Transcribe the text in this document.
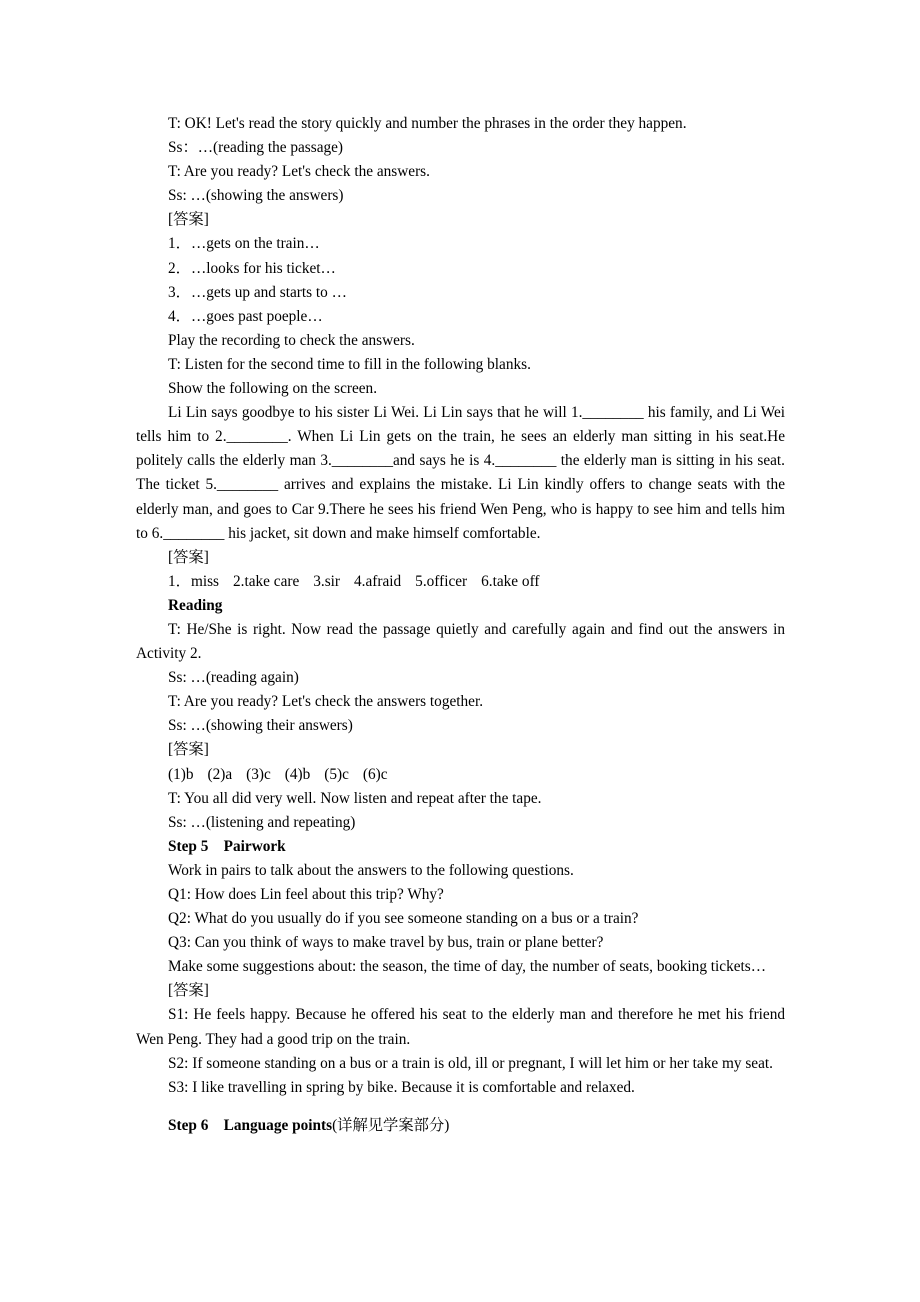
T: OK! Let's read the story quickly and number the phrases in the order they happen.

Ss：…(reading the passage)

T: Are you ready? Let's check the answers.

Ss: …(showing the answers)

[答案]

1．…gets on the train…

2．…looks for his ticket…

3．…gets up and starts to …

4．…goes past poeple…

Play the recording to check the answers.

T: Listen for the second time to fill in the following blanks.

Show the following on the screen.

Li Lin says goodbye to his sister Li Wei. Li Lin says that he will 1.________ his family, and Li Wei tells him to 2.________. When Li Lin gets on the train, he sees an elderly man sitting in his seat.He politely calls the elderly man 3.________and says he is 4.________ the elderly man is sitting in his seat. The ticket 5.________ arrives and explains the mistake. Li Lin kindly offers to change seats with the elderly man, and goes to Car 9.There he sees his friend Wen Peng, who is happy to see him and tells him to 6.________ his jacket, sit down and make himself comfortable.

[答案]

1．miss 2.take care 3.sir 4.afraid 5.officer 6.take off

Reading

T: He/She is right. Now read the passage quietly and carefully again and find out the answers in Activity 2.

Ss: …(reading again)

T: Are you ready? Let's check the answers together.

Ss: …(showing their answers)

[答案]

(1)b (2)a (3)c (4)b (5)c (6)c

T: You all did very well. Now listen and repeat after the tape.

Ss: …(listening and repeating)

Step 5　Pairwork

Work in pairs to talk about the answers to the following questions.

Q1: How does Lin feel about this trip? Why?

Q2: What do you usually do if you see someone standing on a bus or a train?

Q3: Can you think of ways to make travel by bus, train or plane better?

Make some suggestions about: the season, the time of day, the number of seats, booking tickets…

[答案]

S1: He feels happy. Because he offered his seat to the elderly man and therefore he met his friend Wen Peng. They had a good trip on the train.

S2: If someone standing on a bus or a train is old, ill or pregnant, I will let him or her take my seat.

S3: I like travelling in spring by bike. Because it is comfortable and relaxed.

Step 6　Language points(详解见学案部分)
